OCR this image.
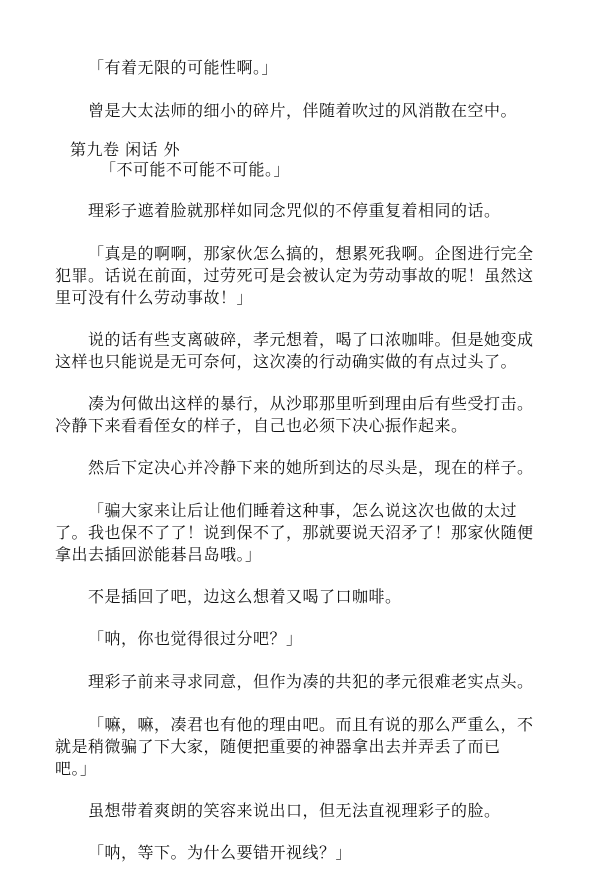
「有着无限的可能性啊。」
曾是大太法师的细小的碎片，伴随着吹过的风消散在空中。
第九卷 闲话 外
「不可能不可能不可能。」
理彩子遮着脸就那样如同念咒似的不停重复着相同的话。
「真是的啊啊，那家伙怎么搞的，想累死我啊。企图进行完全
犯罪。话说在前面，过劳死可是会被认定为劳动事故的呢！虽然这
里可没有什么劳动事故！」
说的话有些支离破碎，孝元想着，喝了口浓咖啡。但是她变成
这样也只能说是无可奈何，这次凑的行动确实做的有点过头了。
凑为何做出这样的暴行，从沙耶那里听到理由后有些受打击。
冷静下来看看侄女的样子，自己也必须下决心振作起来。
然后下定决心并冷静下来的她所到达的尽头是，现在的样子。
「骗大家来让后让他们睡着这种事，怎么说这次也做的太过
了。我也保不了了！说到保不了，那就要说天沼矛了！那家伙随便
拿出去插回淤能碁吕岛哦。」
不是插回了吧，边这么想着又喝了口咖啡。
「呐，你也觉得很过分吧？」
理彩子前来寻求同意，但作为凑的共犯的孝元很难老实点头。
「嘛，嘛，凑君也有他的理由吧。而且有说的那么严重么，不
就是稍微骗了下大家，随便把重要的神器拿出去并弄丢了而已
吧。」
虽想带着爽朗的笑容来说出口，但无法直视理彩子的脸。
「呐，等下。为什么要错开视线？」
